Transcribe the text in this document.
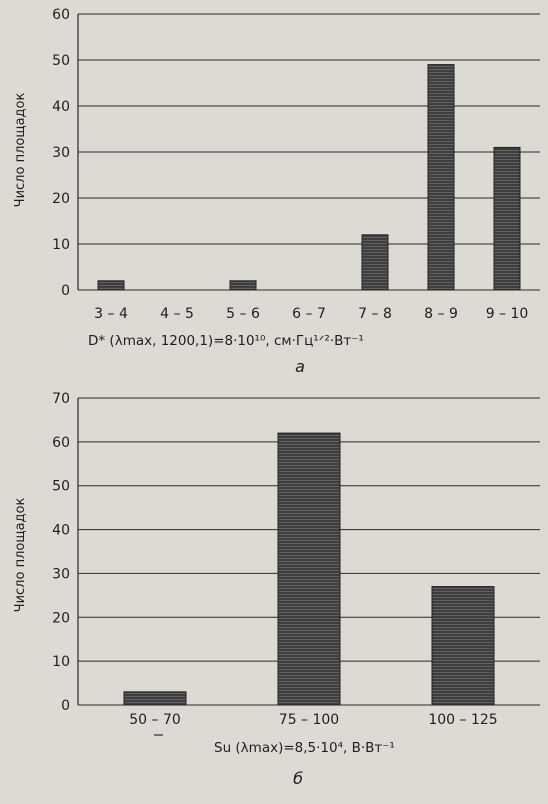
0
10
20
30
40
50
60
3 – 4 4 – 5 5 – 6 6 – 7 7 – 8 8 – 9 9 – 10
Число площадок
D* (λmax, 1200,1)=8·10¹⁰, см·Гц¹ᐟ²·Вт⁻¹
a
0
10
20
30
40
50
60
70
50 – 70	75 – 100	100 – 125
Число площадок
Su (λmax)=8,5·10⁴, В·Вт⁻¹
б
